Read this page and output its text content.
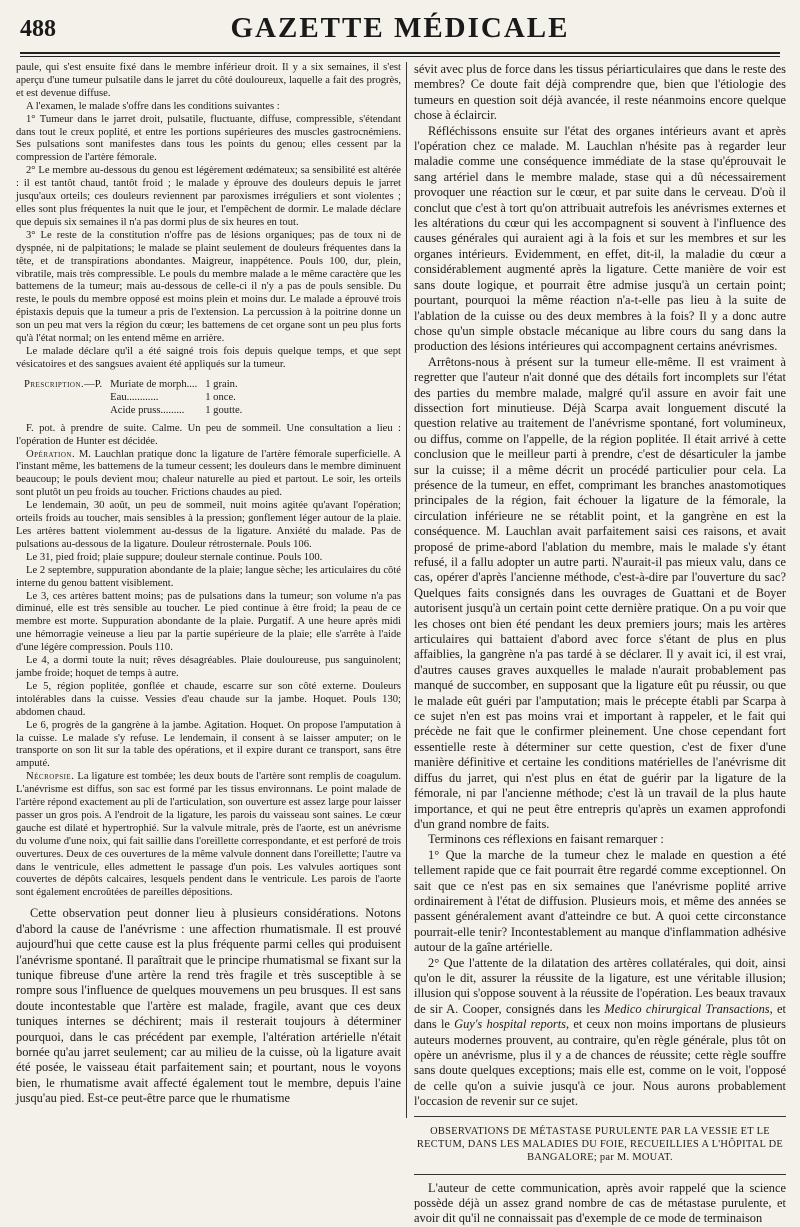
488	GAZETTE MÉDICALE

paule, qui s'est ensuite fixé dans le membre inférieur droit. Il y a six semaines, il s'est aperçu d'une tumeur pulsatile dans le jarret du côté douloureux, laquelle a fait des progrès, et est devenue diffuse.

A l'examen, le malade s'offre dans les conditions suivantes :

1° Tumeur dans le jarret droit, pulsatile, fluctuante, diffuse, compressible, s'étendant dans tout le creux poplité, et entre les portions supérieures des muscles gastrocnémiens. Ses pulsations sont manifestes dans tous les points du genou; elles cessent par la compression de l'artère fémorale.

2° Le membre au-dessous du genou est légèrement œdémateux; sa sensibilité est altérée : il est tantôt chaud, tantôt froid ; le malade y éprouve des douleurs depuis le jarret jusqu'aux orteils; ces douleurs reviennent par paroxismes irréguliers et sont violentes ; elles sont plus fréquentes la nuit que le jour, et l'empêchent de dormir. Le malade déclare que depuis six semaines il n'a pas dormi plus de six heures en tout.

3° Le reste de la constitution n'offre pas de lésions organiques; pas de toux ni de dyspnée, ni de palpitations; le malade se plaint seulement de douleurs fréquentes dans la tête, et de transpirations abondantes. Maigreur, inappétence. Pouls 100, dur, plein, vibratile, mais très compressible. Le pouls du membre malade a le même caractère que les battemens de la tumeur; mais au-dessous de celle-ci il n'y a pas de pouls sensible. Du reste, le pouls du membre opposé est moins plein et moins dur. Le malade a éprouvé trois épistaxis depuis que la tumeur a pris de l'extension. La percussion à la poitrine donne un son un peu mat vers la région du cœur; les battemens de cet organe sont un peu plus forts qu'à l'état normal; on les entend même en arrière.

Le malade déclare qu'il a été saigné trois fois depuis quelque temps, et que sept vésicatoires et des sangsues avaient été appliqués sur la tumeur.

Prescription.—P.	Muriate de morph....	1 grain.
	Eau............	1 once.
	Acide pruss.........	1 goutte.

F. pot. à prendre de suite. Calme. Un peu de sommeil. Une consultation a lieu : l'opération de Hunter est décidée.

Opération. M. Lauchlan pratique donc la ligature de l'artère fémorale superficielle. A l'instant même, les battemens de la tumeur cessent; les douleurs dans le membre diminuent beaucoup; le pouls devient mou; chaleur naturelle au pied et partout. Le soir, les orteils sont plutôt un peu froids au toucher. Frictions chaudes au pied.

Le lendemain, 30 août, un peu de sommeil, nuit moins agitée qu'avant l'opération; orteils froids au toucher, mais sensibles à la pression; gonflement léger autour de la plaie. Les artères battent violemment au-dessus de la ligature. Anxiété du malade. Pas de pulsations au-dessous de la ligature. Douleur rétrosternale. Pouls 106.

Le 31, pied froid; plaie suppure; douleur sternale continue. Pouls 100.

Le 2 septembre, suppuration abondante de la plaie; langue sèche; les articulaires du côté interne du genou battent visiblement.

Le 3, ces artères battent moins; pas de pulsations dans la tumeur; son volume n'a pas diminué, elle est très sensible au toucher. Le pied continue à être froid; la peau de ce membre est morte. Suppuration abondante de la plaie. Purgatif. A une heure après midi une hémorragie veineuse a lieu par la partie supérieure de la plaie; elle s'arrête à l'aide d'une légère compression. Pouls 110.

Le 4, a dormi toute la nuit; rêves désagréables. Plaie douloureuse, pus sanguinolent; jambe froide; hoquet de temps à autre.

Le 5, région poplitée, gonflée et chaude, escarre sur son côté externe. Douleurs intolérables dans la cuisse. Vessies d'eau chaude sur la jambe. Hoquet. Pouls 130; abdomen chaud.

Le 6, progrès de la gangrène à la jambe. Agitation. Hoquet. On propose l'amputation à la cuisse. Le malade s'y refuse. Le lendemain, il consent à se laisser amputer; on le transporte on son lit sur la table des opérations, et il expire durant ce transport, sans être amputé.

Nécropsie. La ligature est tombée; les deux bouts de l'artère sont remplis de coagulum. L'anévrisme est diffus, son sac est formé par les tissus environnans. Le point malade de l'artère répond exactement au pli de l'articulation, son ouverture est assez large pour laisser passer un gros pois. A l'endroit de la ligature, les parois du vaisseau sont saines. Le cœur gauche est dilaté et hypertrophié. Sur la valvule mitrale, près de l'aorte, est un anévrisme du volume d'une noix, qui fait saillie dans l'oreillette correspondante, et est perforé de trois ouvertures. Deux de ces ouvertures de la même valvule donnent dans l'oreillette; l'autre va dans le ventricule, elles admettent le passage d'un pois. Les valvules aortiques sont couvertes de dépôts calcaires, lesquels pendent dans le ventricule. Les parois de l'aorte sont également encroûtées de pareilles dépositions.

Cette observation peut donner lieu à plusieurs considérations. Notons d'abord la cause de l'anévrisme : une affection rhumatismale. Il est prouvé aujourd'hui que cette cause est la plus fréquente parmi celles qui produisent l'anévrisme spontané. Il paraîtrait que le principe rhumatismal se fixant sur la tunique fibreuse d'une artère la rend très fragile et très susceptible à se rompre sous l'influence de quelques mouvemens un peu brusques. Il est sans doute incontestable que l'artère est malade, fragile, avant que ces deux tuniques internes se déchirent; mais il resterait toujours à déterminer pourquoi, dans le cas précédent par exemple, l'altération artérielle n'était bornée qu'au jarret seulement; car au milieu de la cuisse, où la ligature avait été posée, le vaisseau était parfaitement sain; et pourtant, nous le voyons bien, le rhumatisme avait affecté également tout le membre, depuis l'aine jusqu'au pied. Est-ce peut-être parce que le rhumatisme

sévit avec plus de force dans les tissus périarticulaires que dans le reste des membres? Ce doute fait déjà comprendre que, bien que l'étiologie des tumeurs en question soit déjà avancée, il reste néanmoins encore quelque chose à éclaircir.

Réfléchissons ensuite sur l'état des organes intérieurs avant et après l'opération chez ce malade. M. Lauchlan n'hésite pas à regarder leur maladie comme une conséquence immédiate de la stase qu'éprouvait le sang artériel dans le membre malade, stase qui a dû nécessairement provoquer une réaction sur le cœur, et par suite dans le cerveau. D'où il conclut que c'est à tort qu'on attribuait autrefois les anévrismes externes et les altérations du cœur qui les accompagnent si souvent à l'influence des causes générales qui auraient agi à la fois et sur les membres et sur les organes intérieurs. Evidemment, en effet, dit-il, la maladie du cœur a considérablement augmenté après la ligature. Cette manière de voir est sans doute logique, et pourrait être admise jusqu'à un certain point; pourtant, pourquoi la même réaction n'a-t-elle pas lieu à la suite de l'ablation de la cuisse ou des deux membres à la fois? Il y a donc autre chose qu'un simple obstacle mécanique au libre cours du sang dans la production des lésions intérieures qui accompagnent certains anévrismes.

Arrêtons-nous à présent sur la tumeur elle-même. Il est vraiment à regretter que l'auteur n'ait donné que des détails fort incomplets sur l'état des parties du membre malade, malgré qu'il assure en avoir fait une dissection fort minutieuse. Déjà Scarpa avait longuement discuté la question relative au traitement de l'anévrisme spontané, fort volumineux, ou diffus, comme on l'appelle, de la région poplitée. Il était arrivé à cette conclusion que le meilleur parti à prendre, c'est de désarticuler la jambe sur la cuisse; il a même décrit un procédé particulier pour cela. La présence de la tumeur, en effet, comprimant les branches anastomotiques principales de la région, fait échouer la ligature de la fémorale, la circulation inférieure ne se rétablit point, et la gangrène en est la conséquence. M. Lauchlan avait parfaitement saisi ces raisons, et avait proposé de prime-abord l'ablation du membre, mais le malade s'y étant refusé, il a fallu adopter un autre parti. N'aurait-il pas mieux valu, dans ce cas, opérer d'après l'ancienne méthode, c'est-à-dire par l'ouverture du sac? Quelques faits consignés dans les ouvrages de Guattani et de Boyer autorisent jusqu'à un certain point cette dernière pratique. On a pu voir que les choses ont bien été pendant les deux premiers jours; mais les artères articulaires qui battaient d'abord avec force s'étant de plus en plus affaiblies, la gangrène n'a pas tardé à se déclarer. Il y avait ici, il est vrai, d'autres causes graves auxquelles le malade n'aurait probablement pas manqué de succomber, en supposant que la ligature eût pu réussir, ou que le malade eût guéri par l'amputation; mais le précepte établi par Scarpa à ce sujet n'en est pas moins vrai et important à rappeler, et le fait qui précède ne fait que le confirmer pleinement. Une chose cependant fort essentielle reste à déterminer sur cette question, c'est de fixer d'une manière définitive et certaine les conditions matérielles de l'anévrisme dit diffus du jarret, qui n'est plus en état de guérir par la ligature de la fémorale, ni par l'ancienne méthode; c'est là un travail de la plus haute importance, et qui ne peut être entrepris qu'après un examen approfondi d'un grand nombre de faits.

Terminons ces réflexions en faisant remarquer :

1° Que la marche de la tumeur chez le malade en question a été tellement rapide que ce fait pourrait être regardé comme exceptionnel. On sait que ce n'est pas en six semaines que l'anévrisme poplité arrive ordinairement à l'état de diffusion. Plusieurs mois, et même des années se passent généralement avant d'atteindre ce but. A quoi cette circonstance pourrait-elle tenir? Incontestablement au manque d'inflammation adhésive autour de la gaîne artérielle.

2° Que l'attente de la dilatation des artères collatérales, qui doit, ainsi qu'on le dit, assurer la réussite de la ligature, est une véritable illusion; illusion qui s'oppose souvent à la réussite de l'opération. Les beaux travaux de sir A. Cooper, consignés dans les Medico chirurgical Transactions, et dans le Guy's hospital reports, et ceux non moins importans de plusieurs auteurs modernes prouvent, au contraire, qu'en règle générale, plus tôt on opère un anévrisme, plus il y a de chances de réussite; cette règle souffre sans doute quelques exceptions; mais elle est, comme on le voit, l'opposé de celle qu'on a suivie jusqu'à ce jour. Nous aurons probablement l'occasion de revenir sur ce sujet.

OBSERVATIONS DE MÉTASTASE PURULENTE PAR LA VESSIE ET LE RECTUM, DANS LES MALADIES DU FOIE, RECUEILLIES A L'HÔPITAL DE BANGALORE; par M. MOUAT.

L'auteur de cette communication, après avoir rappelé que la science possède déjà un assez grand nombre de cas de métastase purulente, et avoir dit qu'il ne connaissait pas d'exemple de ce mode de terminaison
